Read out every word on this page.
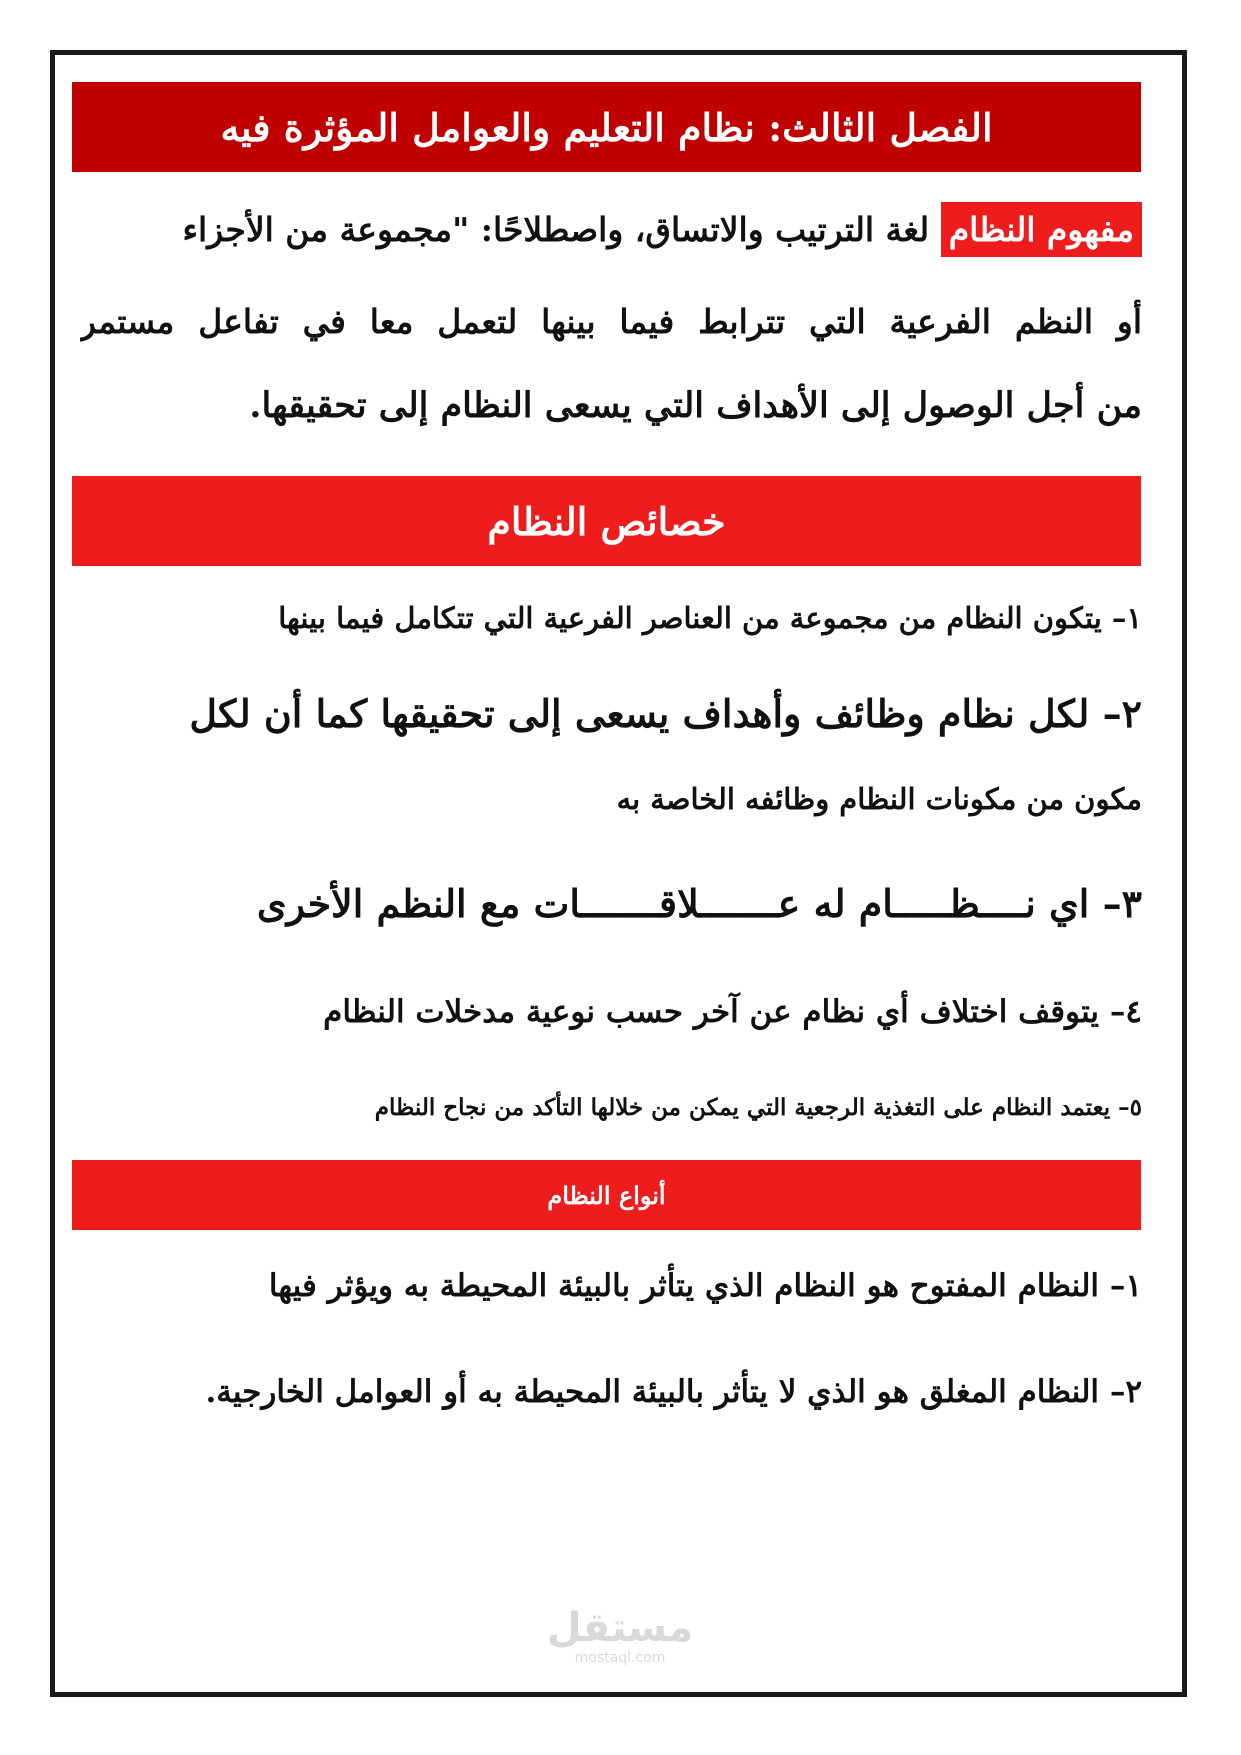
الفصل الثالث: نظام التعليم والعوامل المؤثرة فيه
مفهوم النظام لغة الترتيب والاتساق، واصطلاحًا: "مجموعة من الأجزاء
أو النظم الفرعية التي تترابط فيما بينها لتعمل معا في تفاعل مستمر
من أجل الوصول إلى الأهداف التي يسعى النظام إلى تحقيقها.
خصائص النظام
١– يتكون النظام من مجموعة من العناصر الفرعية التي تتكامل فيما بينها
٢– لكل نظام وظائف وأهداف يسعى إلى تحقيقها كما أن لكل
مكون من مكونات النظام وظائفه الخاصة به
٣– اي نــــظـــــام له عـــــــلاقـــــــات مع النظم الأخرى
٤– يتوقف اختلاف أي نظام عن آخر حسب نوعية مدخلات النظام
٥– يعتمد النظام على التغذية الرجعية التي يمكن من خلالها التأكد من نجاح النظام
أنواع النظام
١– النظام المفتوح هو النظام الذي يتأثر بالبيئة المحيطة به ويؤثر فيها
٢– النظام المغلق هو الذي لا يتأثر بالبيئة المحيطة به أو العوامل الخارجية.
مستقل
mostaql.com
